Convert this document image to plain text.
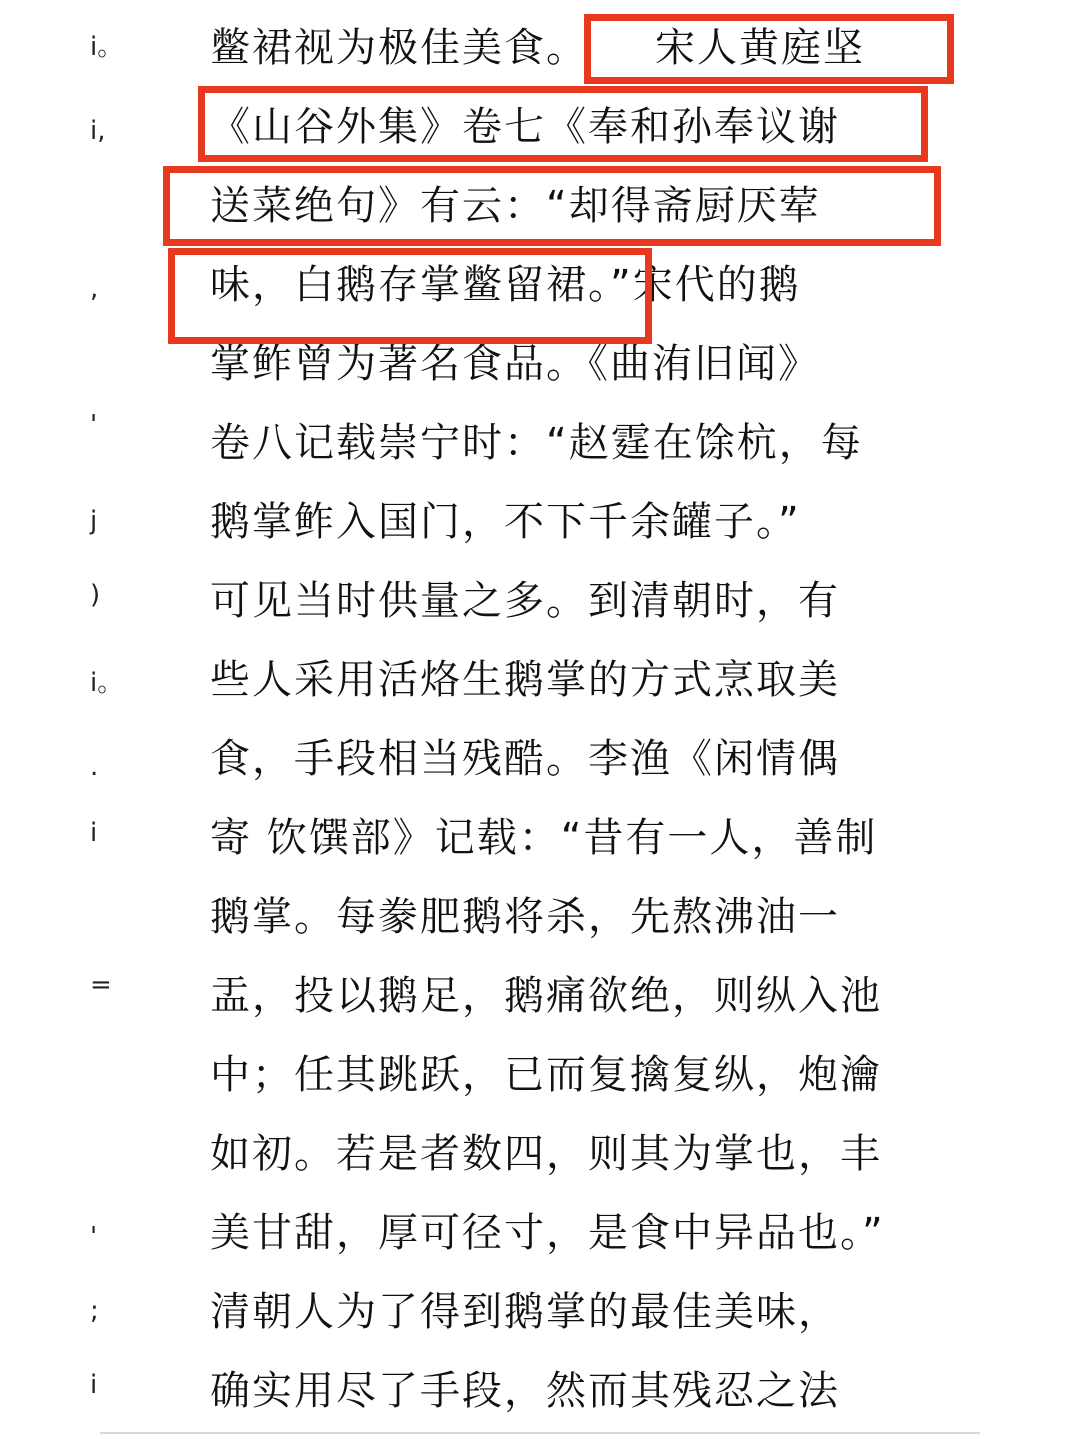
i。
i,
,
'
j
)
i。
.
i
=
'
;
i
鳖裙视为极佳美食。
《山谷外集》卷七《奉和孙奉议谢
送菜绝句》有云：“却得斋厨厌荤
味，白鹅存掌鳖留裙。”宋代的鹅
掌鲊曾为著名食品。《曲洧旧闻》
卷八记载崇宁时：“赵霆在馀杭，每
鹅掌鲊入国门，不下千余罐子。”
可见当时供量之多。到清朝时，有
些人采用活烙生鹅掌的方式烹取美
食，手段相当残酷。李渔《闲情偶
寄 饮馔部》记载：“昔有一人，善制
鹅掌。每豢肥鹅将杀，先熬沸油一
盂，投以鹅足，鹅痛欲绝，则纵入池
中；任其跳跃，已而复擒复纵，炮瀹
如初。若是者数四，则其为掌也，丰
美甘甜，厚可径寸，是食中异品也。”
清朝人为了得到鹅掌的最佳美味，
确实用尽了手段，然而其残忍之法
宋人黄庭坚
